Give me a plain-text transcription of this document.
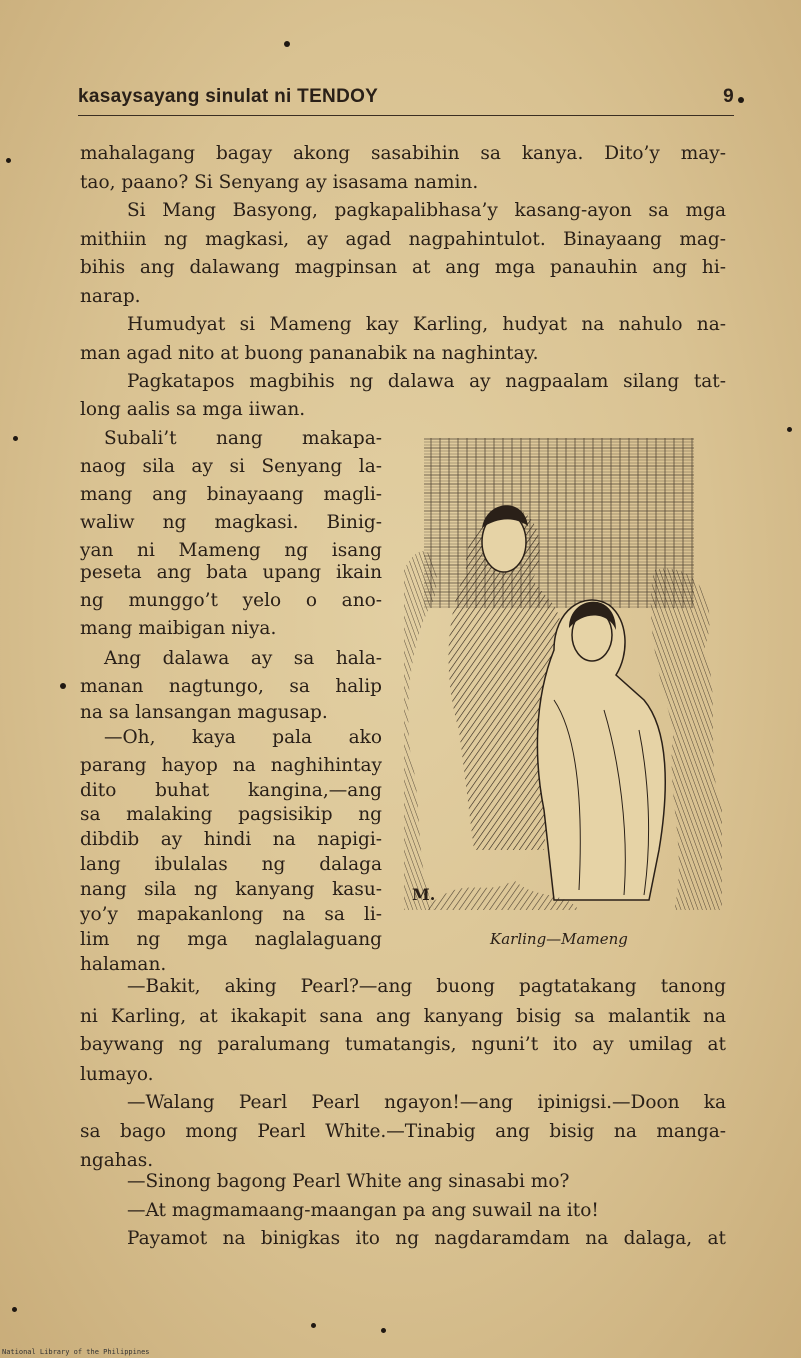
kasaysayang sinulat ni TENDOY	9
mahalagang bagay akong sasabihin sa kanya. Dito’y may-
tao, paano? Si Senyang ay isasama namin.
Si Mang Basyong, pagkapalibhasa’y kasang-ayon sa mga
mithiin ng magkasi, ay agad nagpahintulot. Binayaang mag-
bihis ang dalawang magpinsan at ang mga panauhin ang hi-
narap.
Humudyat si Mameng kay Karling, hudyat na nahulo na-
man agad nito at buong pananabik na naghintay.
Pagkatapos magbihis ng dalawa ay nagpaalam silang tat-
long aalis sa mga iiwan.
Subali’t nang makapa-
naog sila ay si Senyang la-
mang ang binayaang magli-
waliw ng magkasi. Binig-
yan ni Mameng ng isang
peseta ang bata upang ikain
ng munggo’t yelo o ano-
mang maibigan niya.
Ang dalawa ay sa hala-
manan nagtungo, sa halip
na sa lansangan magusap.
—Oh, kaya pala ako
parang hayop na naghihintay
dito buhat kangina,—ang
sa malaking pagsisikip ng
dibdib ay hindi na napigi-
lang ibulalas ng dalaga
nang sila ng kanyang kasu-
yo’y mapakanlong na sa li-
lim ng mga naglalaguang
halaman.
M.
Karling—Mameng
—Bakit, aking Pearl?—ang buong pagtatakang tanong
ni Karling, at ikakapit sana ang kanyang bisig sa malantik na
baywang ng paralumang tumatangis, nguni’t ito ay umilag at
lumayo.
—Walang Pearl Pearl ngayon!—ang ipinigsi.—Doon ka
sa bago mong Pearl White.—Tinabig ang bisig na manga-
ngahas.
—Sinong bagong Pearl White ang sinasabi mo?
—At magmamaang-maangan pa ang suwail na ito!
Payamot na binigkas ito ng nagdaramdam na dalaga, at
National Library of the Philippines
